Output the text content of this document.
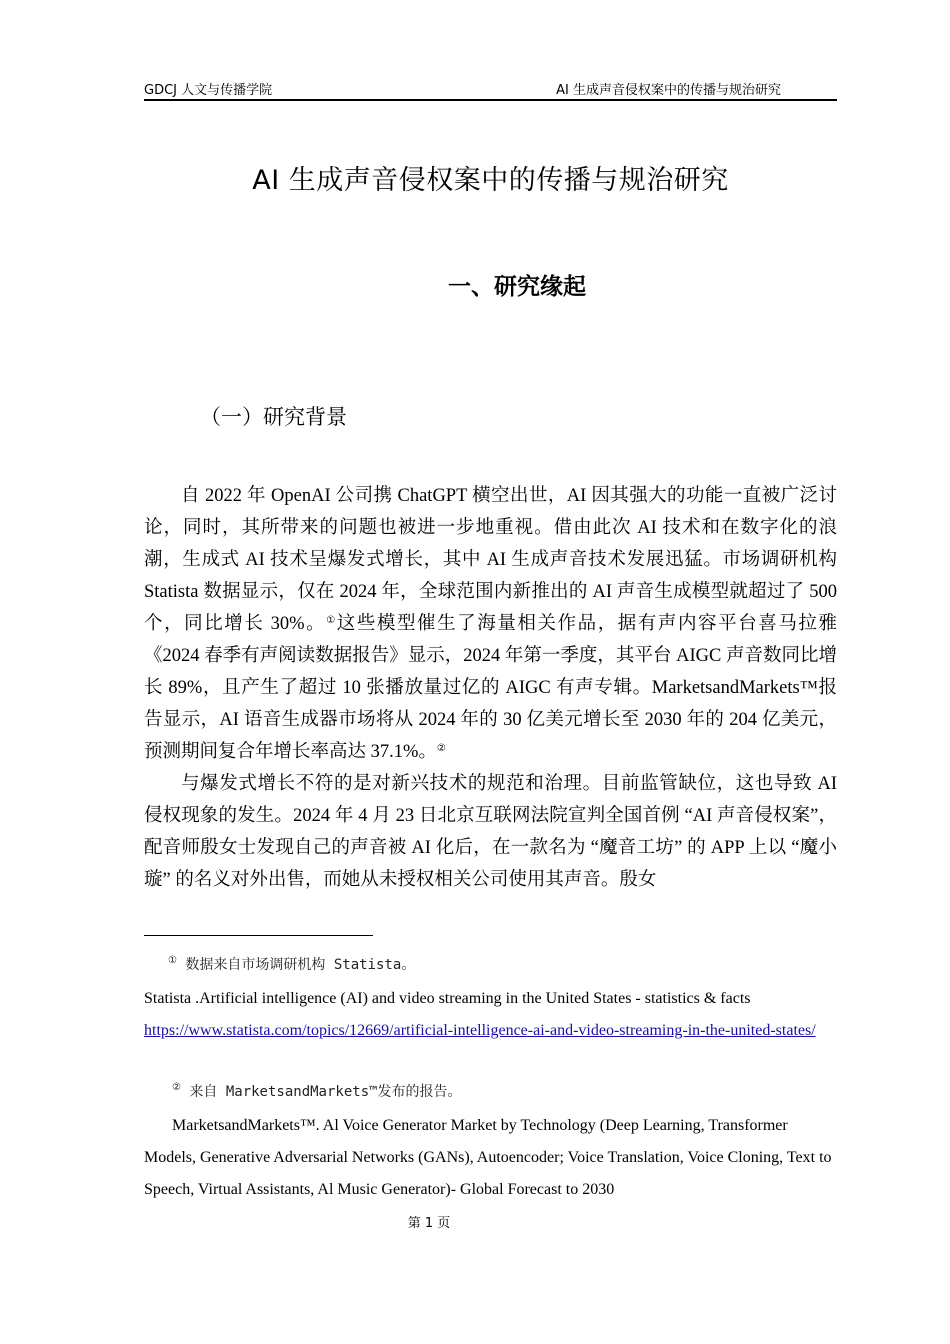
GDCJ 人文与传播学院	AI 生成声音侵权案中的传播与规治研究
AI 生成声音侵权案中的传播与规治研究
一、研究缘起
（一）研究背景

自 2022 年 OpenAI 公司携 ChatGPT 横空出世，AI 因其强大的功能一直被广泛讨论，同时，其所带来的问题也被进一步地重视。借由此次 AI 技术和在数字化的浪潮，生成式 AI 技术呈爆发式增长，其中 AI 生成声音技术发展迅猛。市场调研机构 Statista 数据显示，仅在 2024 年，全球范围内新推出的 AI 声音生成模型就超过了 500 个，同比增长 30%。①这些模型催生了海量相关作品，据有声内容平台喜马拉雅《2024 春季有声阅读数据报告》显示，2024 年第一季度，其平台 AIGC 声音数同比增长 89%，且产生了超过 10 张播放量过亿的 AIGC 有声专辑。MarketsandMarkets™报告显示，AI 语音生成器市场将从 2024 年的 30 亿美元增长至 2030 年的 204 亿美元，预测期间复合年增长率高达 37.1%。②

与爆发式增长不符的是对新兴技术的规范和治理。目前监管缺位，这也导致 AI 侵权现象的发生。2024 年 4 月 23 日北京互联网法院宣判全国首例 “AI 声音侵权案”，配音师殷女士发现自己的声音被 AI 化后，在一款名为 “魔音工坊” 的 APP 上以 “魔小璇” 的名义对外出售，而她从未授权相关公司使用其声音。殷女

① 数据来自市场调研机构 Statista。
Statista .Artificial intelligence (AI) and video streaming in the United States - statistics & facts
https://www.statista.com/topics/12669/artificial-intelligence-ai-and-video-streaming-in-the-united-states/
② 来自 MarketsandMarkets™发布的报告。
MarketsandMarkets™. Al Voice Generator Market by Technology (Deep Learning, Transformer Models, Generative Adversarial Networks (GANs), Autoencoder; Voice Translation, Voice Cloning, Text to Speech, Virtual Assistants, Al Music Generator)- Global Forecast to 2030
第 1 页
